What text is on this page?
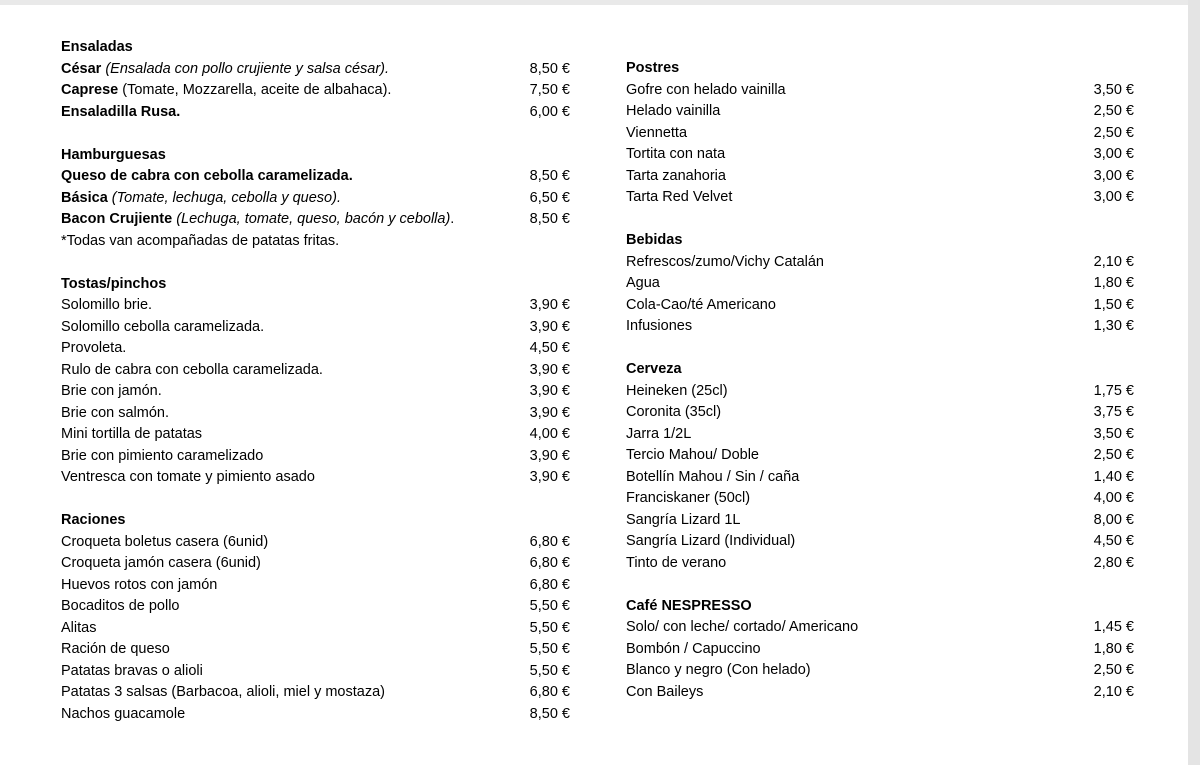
Ensaladas
César (Ensalada con pollo crujiente y salsa césar).	8,50 €
Caprese (Tomate, Mozzarella, aceite de albahaca).	7,50 €
Ensaladilla Rusa.	6,00 €
Hamburguesas
Queso de cabra con cebolla caramelizada.	8,50 €
Básica (Tomate, lechuga, cebolla y queso).	6,50 €
Bacon Crujiente (Lechuga, tomate, queso, bacón y cebolla).	8,50 €
*Todas van acompañadas de patatas fritas.
Tostas/pinchos
Solomillo brie.	3,90 €
Solomillo cebolla caramelizada.	3,90 €
Provoleta.	4,50 €
Rulo de cabra con cebolla caramelizada.	3,90 €
Brie con jamón.	3,90 €
Brie con salmón.	3,90 €
Mini tortilla de patatas	4,00 €
Brie con pimiento caramelizado	3,90 €
Ventresca con tomate y pimiento asado	3,90 €
Raciones
Croqueta boletus casera (6unid)	6,80 €
Croqueta jamón casera (6unid)	6,80 €
Huevos rotos con jamón	6,80 €
Bocaditos de pollo	5,50 €
Alitas	5,50 €
Ración de queso	5,50 €
Patatas bravas o alioli	5,50 €
Patatas 3 salsas (Barbacoa, alioli, miel y mostaza)	6,80 €
Nachos guacamole	8,50 €
Postres
Gofre con helado vainilla	3,50 €
Helado vainilla	2,50 €
Viennetta	2,50 €
Tortita con nata	3,00 €
Tarta zanahoria	3,00 €
Tarta Red Velvet	3,00 €
Bebidas
Refrescos/zumo/Vichy Catalán	2,10 €
Agua	1,80 €
Cola-Cao/té Americano	1,50 €
Infusiones	1,30 €
Cerveza
Heineken (25cl)	1,75 €
Coronita (35cl)	3,75 €
Jarra 1/2L	3,50 €
Tercio Mahou/ Doble	2,50 €
Botellín Mahou / Sin / caña	1,40 €
Franciskaner (50cl)	4,00 €
Sangría Lizard 1L	8,00 €
Sangría Lizard (Individual)	4,50 €
Tinto de verano	2,80 €
Café NESPRESSO
Solo/ con leche/ cortado/ Americano	1,45 €
Bombón / Capuccino	1,80 €
Blanco y negro (Con helado)	2,50 €
Con Baileys	2,10 €
